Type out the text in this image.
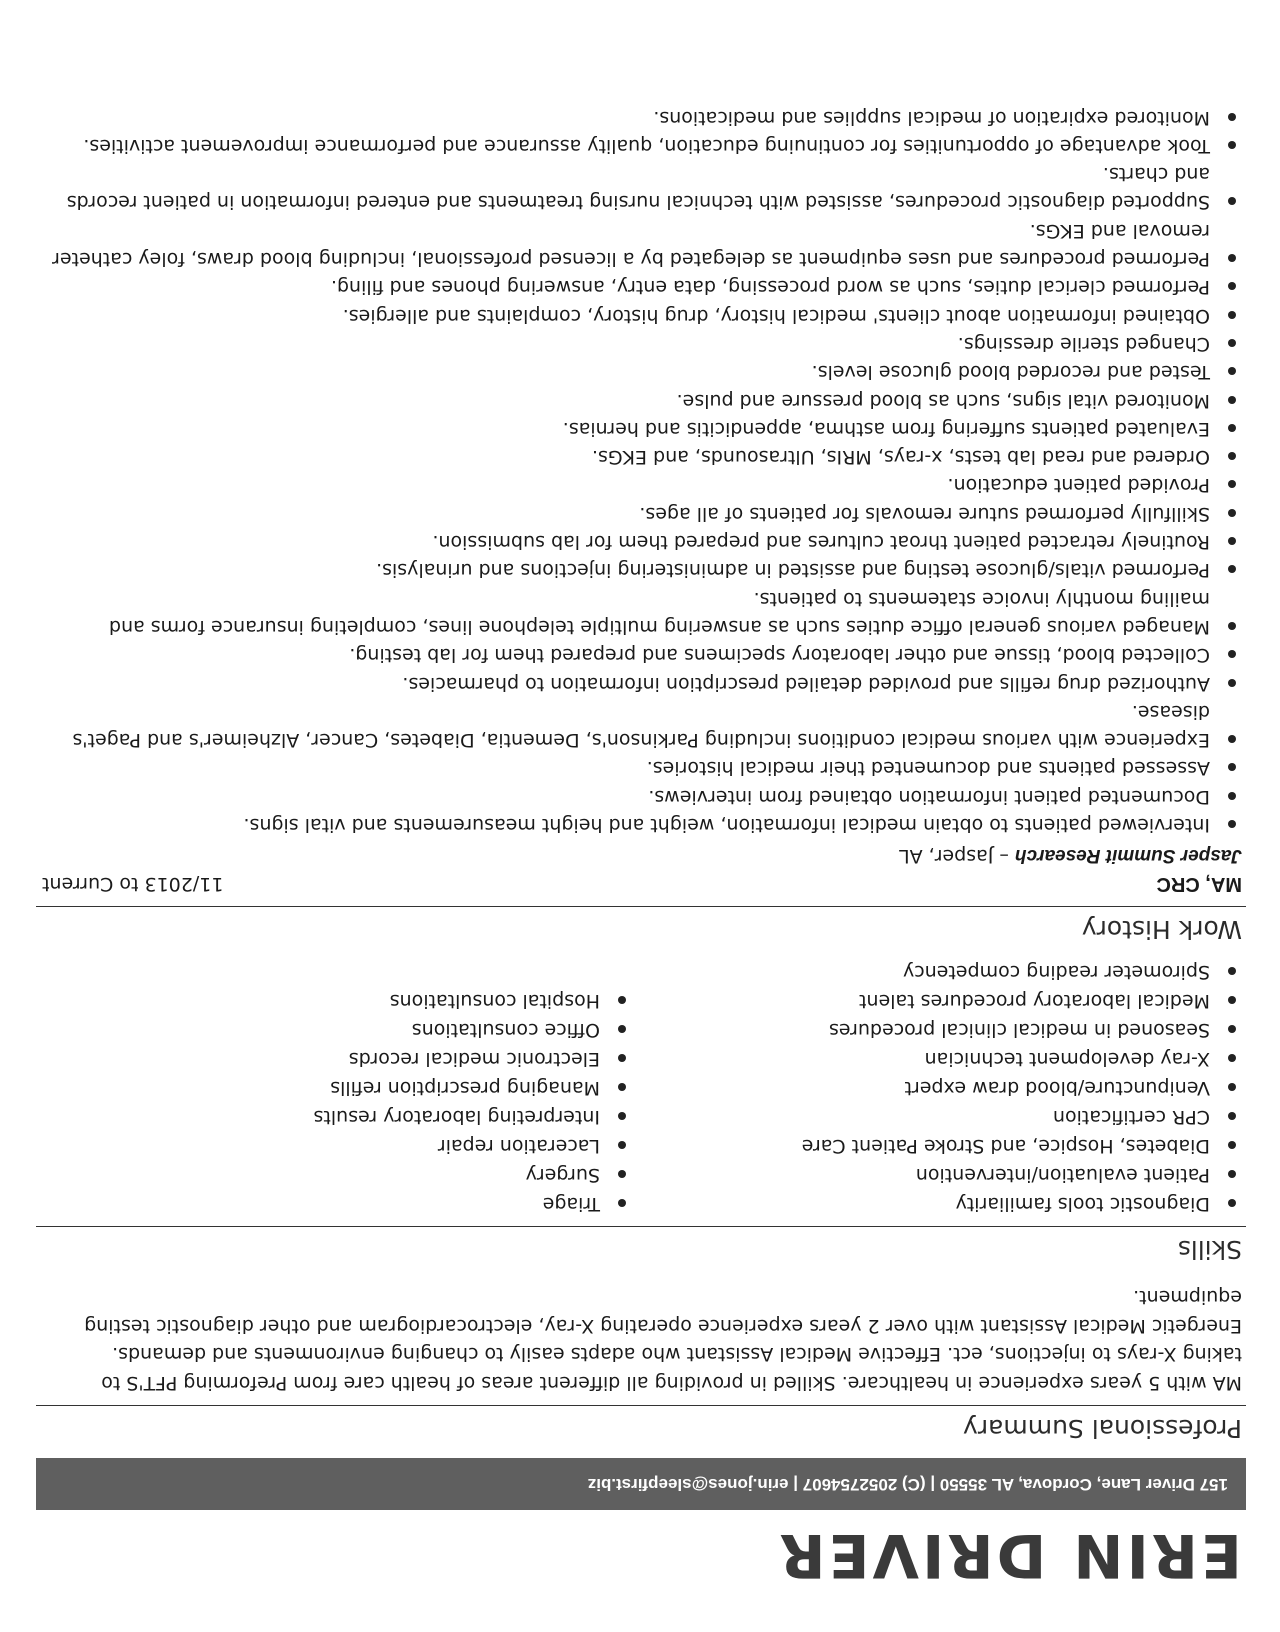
ERIN DRIVER
157 Driver Lane, Cordova, AL 35550 | (C) 2052754607 | erin.jones@sleepfirst.biz
Professional Summary
MA with 5 years experience in healthcare. Skilled in providing all different areas of health care from Preforming PFT'S to taking X-rays to injections, ect. Effective Medical Assistant who adapts easily to changing environments and demands. Energetic Medical Assistant with over 2 years experience operating X-ray, electrocardiogram and other diagnostic testing equipment.
Skills
Diagnostic tools familiarity
Triage
Patient evaluation/intervention
Surgery
Diabetes, Hospice, and Stroke Patient Care
Laceration repair
CPR certification
Interpreting laboratory results
Venipuncture/blood draw expert
Managing prescription refills
X-ray development technician
Electronic medical records
Seasoned in medical clinical procedures
Office consultations
Medical laboratory procedures talent
Hospital consultations
Spirometer reading competency
Work History
MA, CRC
11/2013 to Current
Jasper Summit Research – Jasper, AL
Interviewed patients to obtain medical information, weight and height measurements and vital signs.
Documented patient information obtained from interviews.
Assessed patients and documented their medical histories.
Experience with various medical conditions including Parkinson's, Dementia, Diabetes, Cancer, Alzheimer's and Paget's disease.
Authorized drug refills and provided detailed prescription information to pharmacies.
Collected blood, tissue and other laboratory specimens and prepared them for lab testing.
Managed various general office duties such as answering multiple telephone lines, completing insurance forms and mailing monthly invoice statements to patients.
Performed vitals/glucose testing and assisted in administering injections and urinalysis.
Routinely retracted patient throat cultures and prepared them for lab submission.
Skillfully performed suture removals for patients of all ages.
Provided patient education.
Ordered and read lab tests, x-rays, MRIs, Ultrasounds, and EKGs.
Evaluated patients suffering from asthma, appendicitis and hernias.
Monitored vital signs, such as blood pressure and pulse.
Tested and recorded blood glucose levels.
Changed sterile dressings.
Obtained information about clients' medical history, drug history, complaints and allergies.
Performed clerical duties, such as word processing, data entry, answering phones and filing.
Performed procedures and uses equipment as delegated by a licensed professional, including blood draws, foley catheter removal and EKGs.
Supported diagnostic procedures, assisted with technical nursing treatments and entered information in patient records and charts.
Took advantage of opportunities for continuing education, quality assurance and performance improvement activities.
Monitored expiration of medical supplies and medications.
